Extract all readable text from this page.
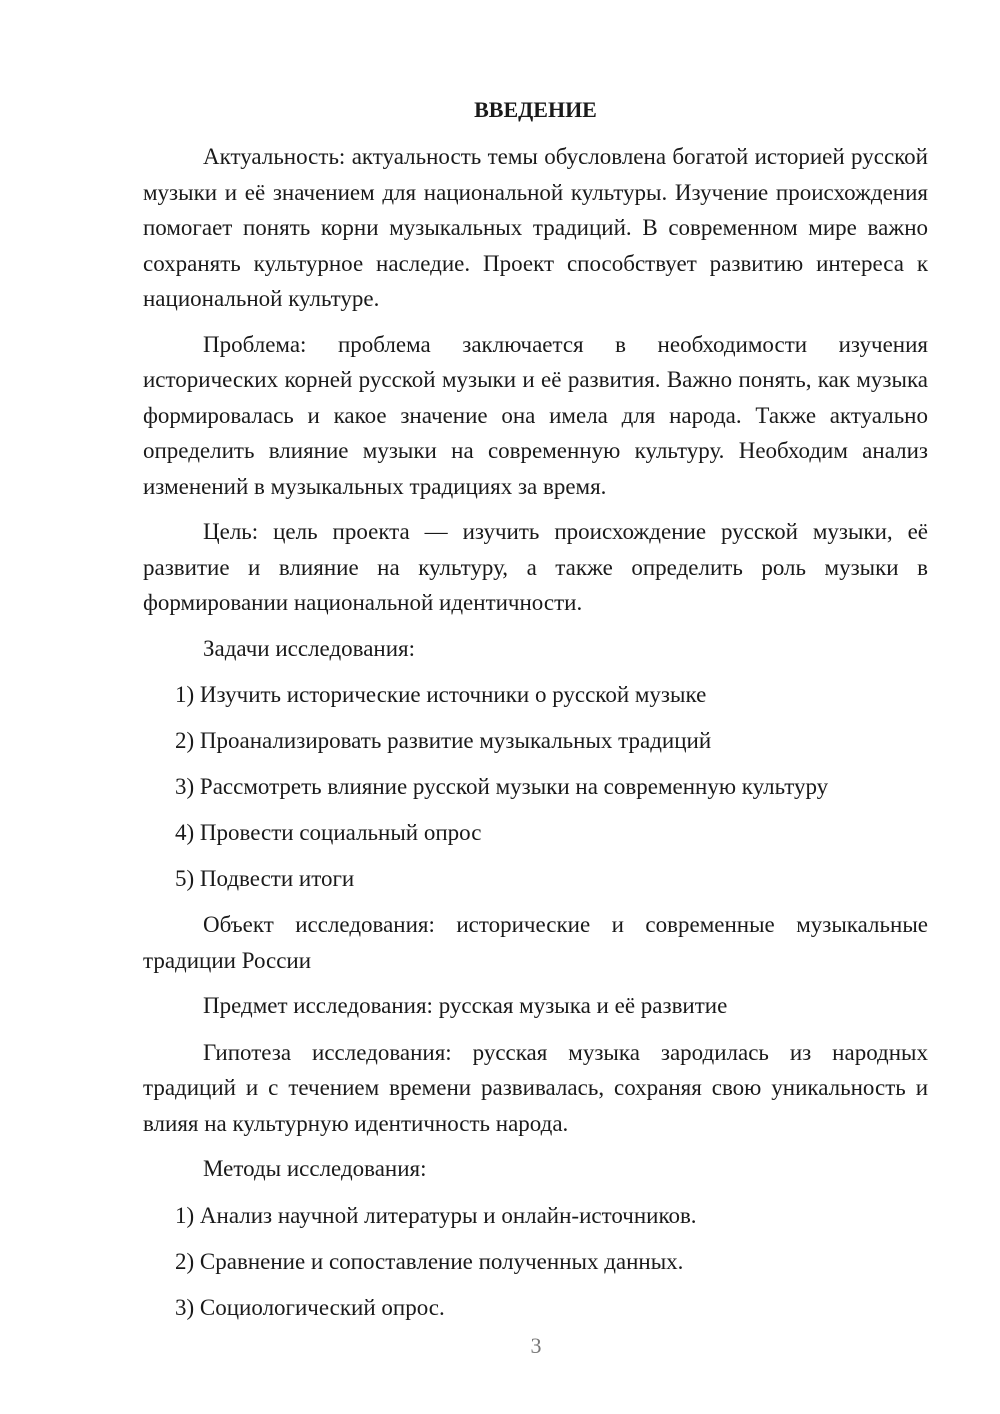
ВВЕДЕНИЕ

Актуальность: актуальность темы обусловлена богатой историей русской музыки и её значением для национальной культуры. Изучение происхождения помогает понять корни музыкальных традиций. В современном мире важно сохранять культурное наследие. Проект способствует развитию интереса к национальной культуре.

Проблема: проблема заключается в необходимости изучения исторических корней русской музыки и её развития. Важно понять, как музыка формировалась и какое значение она имела для народа. Также актуально определить влияние музыки на современную культуру. Необходим анализ изменений в музыкальных традициях за время.

Цель: цель проекта — изучить происхождение русской музыки, её развитие и влияние на культуру, а также определить роль музыки в формировании национальной идентичности.

Задачи исследования:

1) Изучить исторические источники о русской музыке
2) Проанализировать развитие музыкальных традиций
3) Рассмотреть влияние русской музыки на современную культуру
4) Провести социальный опрос
5) Подвести итоги

Объект исследования: исторические и современные музыкальные традиции России

Предмет исследования: русская музыка и её развитие

Гипотеза исследования: русская музыка зародилась из народных традиций и с течением времени развивалась, сохраняя свою уникальность и влияя на культурную идентичность народа.

Методы исследования:

1) Анализ научной литературы и онлайн-источников.
2) Сравнение и сопоставление полученных данных.
3) Социологический опрос.
3
